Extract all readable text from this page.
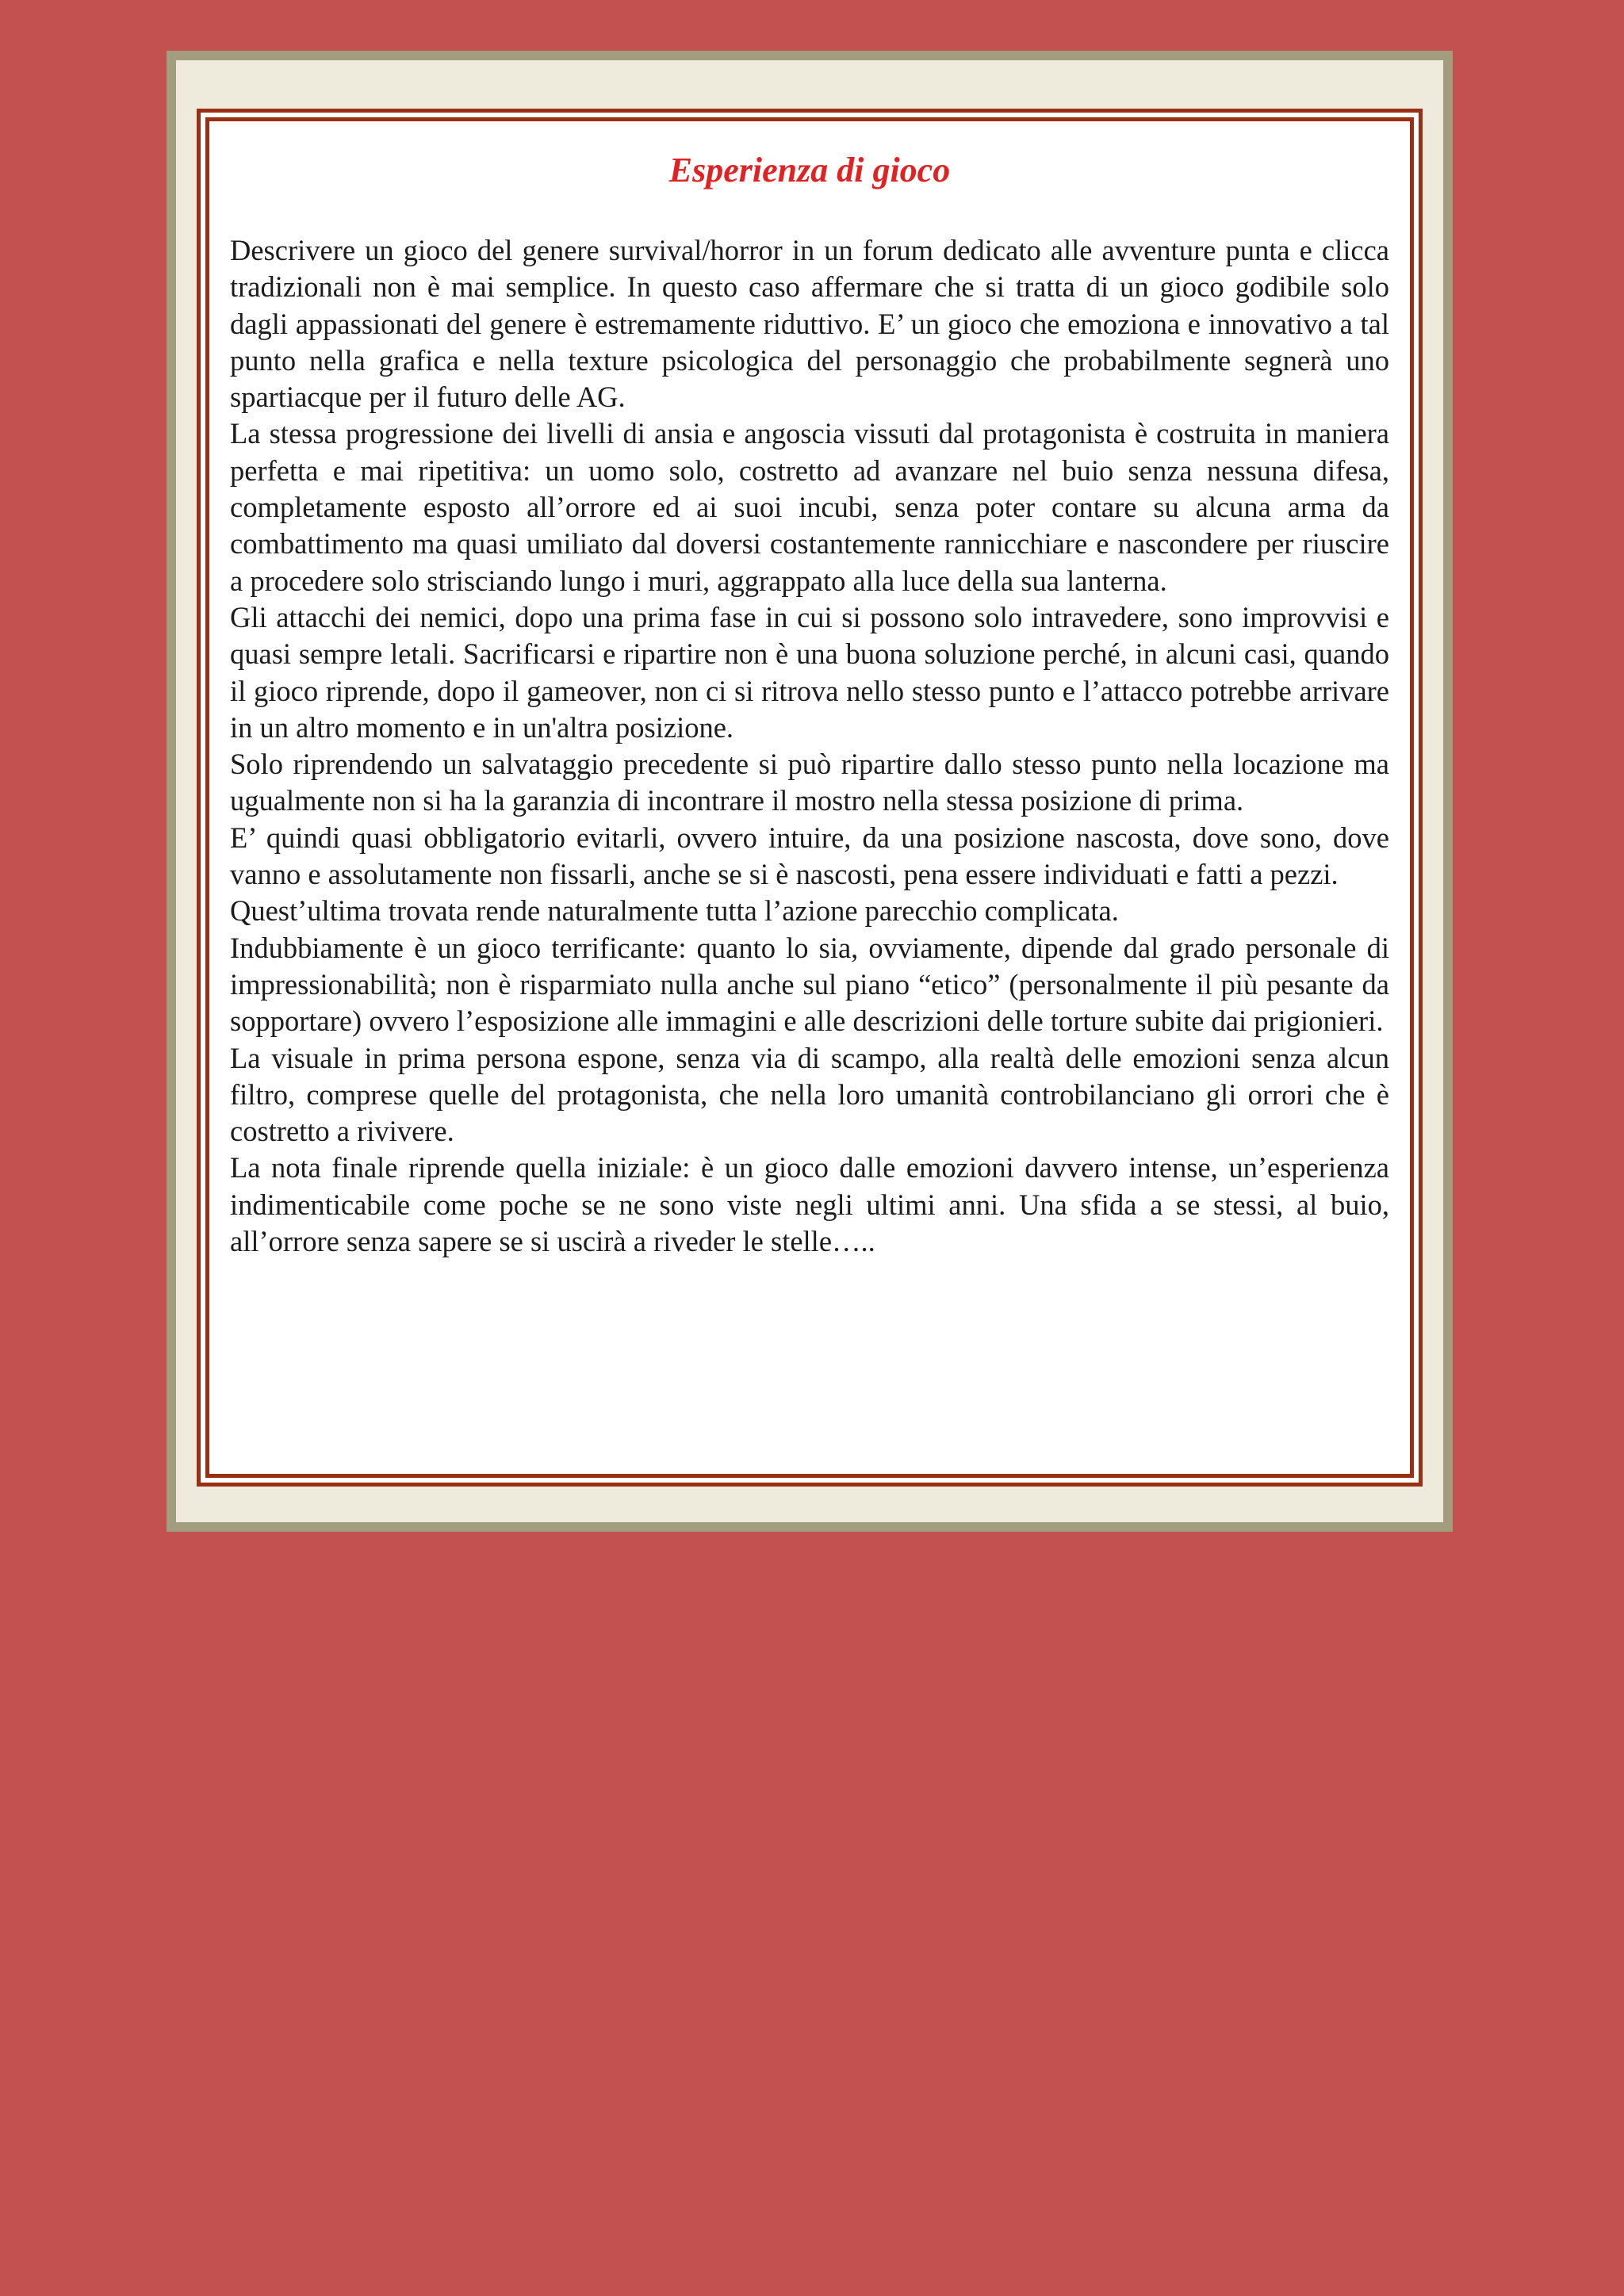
Esperienza di gioco

Descrivere un gioco del genere survival/horror in un forum dedicato alle avventure punta e clicca tradizionali non è mai semplice. In questo caso affermare che si tratta di un gioco godibile solo dagli appassionati del genere è estremamente riduttivo. E’ un gioco che emoziona e innovativo a tal punto nella grafica e nella texture psicologica del personaggio che probabilmente segnerà uno spartiacque per il futuro delle AG.

La stessa progressione dei livelli di ansia e angoscia vissuti dal protagonista è costruita in maniera perfetta e mai ripetitiva: un uomo solo, costretto ad avanzare nel buio senza nessuna difesa, completamente esposto all’orrore ed ai suoi incubi, senza poter contare su alcuna arma da combattimento ma quasi umiliato dal doversi costantemente rannicchiare e nascondere per riuscire a procedere solo strisciando lungo i muri, aggrappato alla luce della sua lanterna.

Gli attacchi dei nemici, dopo una prima fase in cui si possono solo intravedere, sono improvvisi e quasi sempre letali. Sacrificarsi e ripartire non è una buona soluzione perché, in alcuni casi, quando il gioco riprende, dopo il gameover, non ci si ritrova nello stesso punto e l’attacco potrebbe arrivare in un altro momento e in un'altra posizione.

Solo riprendendo un salvataggio precedente si può ripartire dallo stesso punto nella locazione ma ugualmente non si ha la garanzia di incontrare il mostro nella stessa posizione di prima.

E’ quindi quasi obbligatorio evitarli, ovvero intuire, da una posizione nascosta, dove sono, dove vanno e assolutamente non fissarli, anche se si è nascosti, pena essere individuati e fatti a pezzi.

Quest’ultima trovata rende naturalmente tutta l’azione parecchio complicata.

Indubbiamente è un gioco terrificante: quanto lo sia, ovviamente, dipende dal grado personale di impressionabilità; non è risparmiato nulla anche sul piano “etico” (personalmente il più pesante da sopportare) ovvero l’esposizione alle immagini e alle descrizioni delle torture subite dai prigionieri.

La visuale in prima persona espone, senza via di scampo, alla realtà delle emozioni senza alcun filtro, comprese quelle del protagonista, che nella loro umanità controbilanciano gli orrori che è costretto a rivivere.

La nota finale riprende quella iniziale: è un gioco dalle emozioni davvero intense, un’esperienza indimenticabile come poche se ne sono viste negli ultimi anni. Una sfida a se stessi, al buio, all’orrore senza sapere se si uscirà a riveder le stelle…..
